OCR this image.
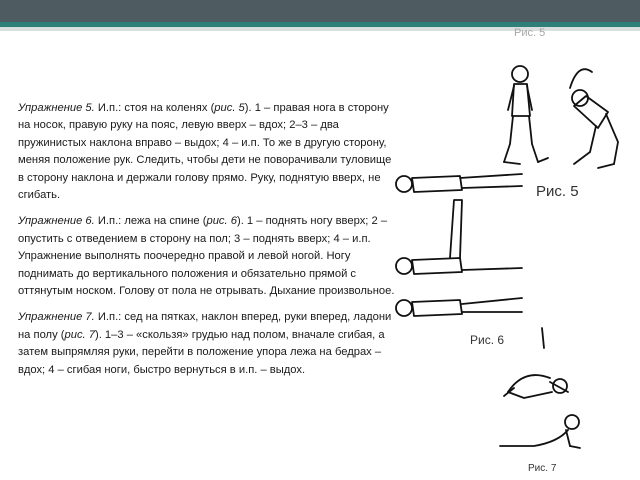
Рис. 5

Упражнение 5. И.п.: стоя на коленях (рис. 5). 1 – правая нога в сторону на носок, правую руку на пояс, левую вверх – вдох; 2–3 – два пружинистых наклона вправо – выдох; 4 – и.п. То же в другую сторону, меняя положение рук. Следить, чтобы дети не поворачивали туловище в сторону наклона и держали голову прямо. Руку, поднятую вверх, не сгибать.

Упражнение 6. И.п.: лежа на спине (рис. 6). 1 – поднять ногу вверх; 2 – опустить с отведением в сторону на пол; 3 – поднять вверх; 4 – и.п. Упражнение выполнять поочередно правой и левой ногой. Ногу поднимать до вертикального положения и обязательно прямой с оттянутым носком. Голову от пола не отрывать. Дыхание произвольное.

Упражнение 7. И.п.: сед на пятках, наклон вперед, руки вперед, ладони на полу (рис. 7). 1–3 – «скользя» грудью над полом, вначале сгибая, а затем выпрямляя руки, перейти в положение упора лежа на бедрах – вдох; 4 – сгибая ноги, быстро вернуться в и.п. – выдох.

Рис. 5
Рис. 6
Рис. 7
